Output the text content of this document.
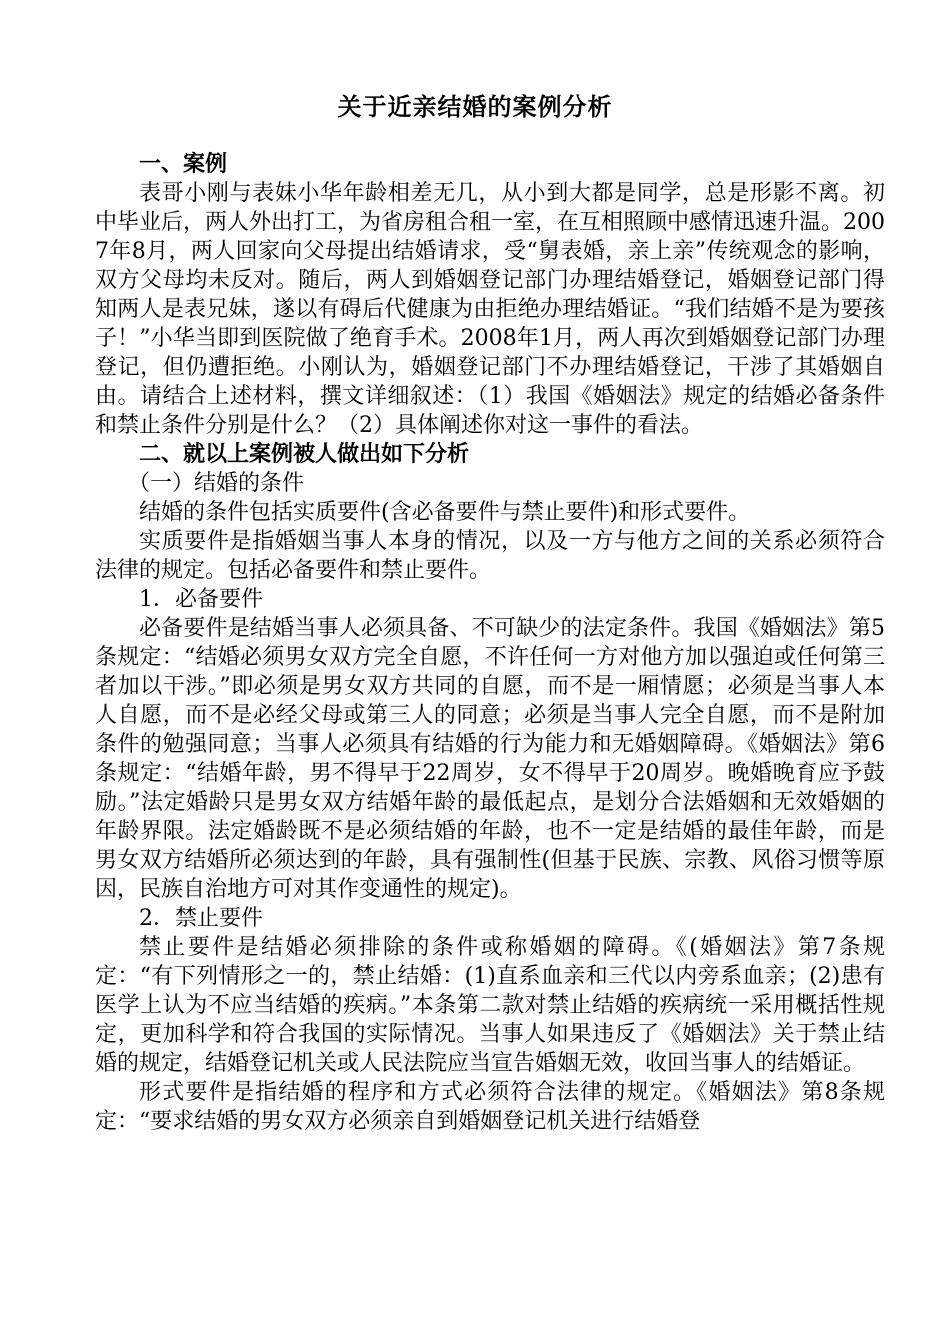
关于近亲结婚的案例分析

一、案例

表哥小刚与表妹小华年龄相差无几，从小到大都是同学，总是形影不离。初中毕业后，两人外出打工，为省房租合租一室，在互相照顾中感情迅速升温。2007年8月，两人回家向父母提出结婚请求，受“舅表婚，亲上亲”传统观念的影响，双方父母均未反对。随后，两人到婚姻登记部门办理结婚登记，婚姻登记部门得知两人是表兄妹，遂以有碍后代健康为由拒绝办理结婚证。“我们结婚不是为要孩子！”小华当即到医院做了绝育手术。2008年1月，两人再次到婚姻登记部门办理登记，但仍遭拒绝。小刚认为，婚姻登记部门不办理结婚登记，干涉了其婚姻自由。请结合上述材料，撰文详细叙述：（1）我国《婚姻法》规定的结婚必备条件和禁止条件分别是什么？（2）具体阐述你对这一事件的看法。

二、就以上案例被人做出如下分析

（一）结婚的条件

结婚的条件包括实质要件(含必备要件与禁止要件)和形式要件。

实质要件是指婚姻当事人本身的情况，以及一方与他方之间的关系必须符合法律的规定。包括必备要件和禁止要件。

1．必备要件

必备要件是结婚当事人必须具备、不可缺少的法定条件。我国《婚姻法》第5条规定：“结婚必须男女双方完全自愿，不许任何一方对他方加以强迫或任何第三者加以干涉。”即必须是男女双方共同的自愿，而不是一厢情愿；必须是当事人本人自愿，而不是必经父母或第三人的同意；必须是当事人完全自愿，而不是附加条件的勉强同意；当事人必须具有结婚的行为能力和无婚姻障碍。《婚姻法》第6条规定：“结婚年龄，男不得早于22周岁，女不得早于20周岁。晚婚晚育应予鼓励。”法定婚龄只是男女双方结婚年龄的最低起点，是划分合法婚姻和无效婚姻的年龄界限。法定婚龄既不是必须结婚的年龄，也不一定是结婚的最佳年龄，而是男女双方结婚所必须达到的年龄，具有强制性(但基于民族、宗教、风俗习惯等原因，民族自治地方可对其作变通性的规定)。

2．禁止要件

禁止要件是结婚必须排除的条件或称婚姻的障碍。《(婚姻法》第7条规定：“有下列情形之一的，禁止结婚：(1)直系血亲和三代以内旁系血亲；(2)患有医学上认为不应当结婚的疾病。”本条第二款对禁止结婚的疾病统一采用概括性规定，更加科学和符合我国的实际情况。当事人如果违反了《婚姻法》关于禁止结婚的规定，结婚登记机关或人民法院应当宣告婚姻无效，收回当事人的结婚证。

形式要件是指结婚的程序和方式必须符合法律的规定。《婚姻法》第8条规定：“要求结婚的男女双方必须亲自到婚姻登记机关进行结婚登
